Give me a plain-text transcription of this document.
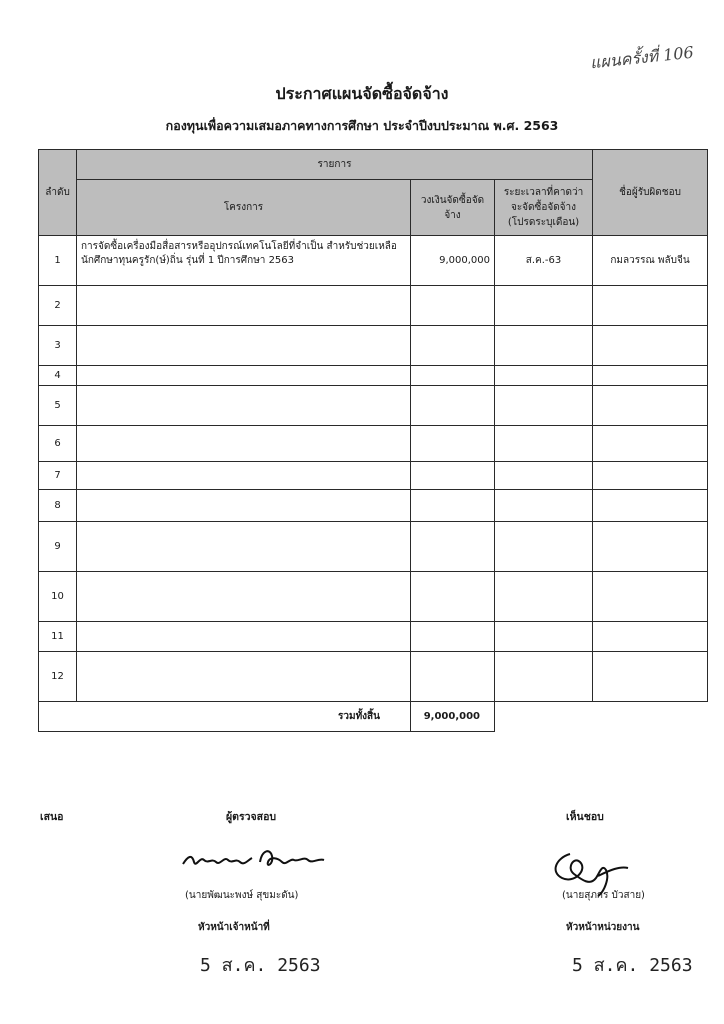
แผนครั้งที่ 106
ประกาศแผนจัดซื้อจัดจ้าง
กองทุนเพื่อความเสมอภาคทางการศึกษา ประจำปีงบประมาณ พ.ศ. 2563
ลำดับ	รายการ			ชื่อผู้รับผิดชอบ
	โครงการ	วงเงินจัดซื้อจัดจ้าง	ระยะเวลาที่คาดว่าจะจัดซื้อจัดจ้าง (โปรดระบุเดือน)	
1	การจัดซื้อเครื่องมือสื่อสารหรืออุปกรณ์เทคโนโลยีที่จำเป็น สำหรับช่วยเหลือนักศึกษาทุนครูรัก(ษ์)ถิ่น รุ่นที่ 1 ปีการศึกษา 2563	9,000,000	ส.ค.-63	กมลวรรณ พลับจีน
2				
3				
4				
5				
6				
7				
8				
9				
10				
11				
12				
รวมทั้งสิ้น		9,000,000		
เสนอ	ผู้ตรวจสอบ	เห็นชอบ
(นายพัฒนะพงษ์ สุขมะดัน)
หัวหน้าเจ้าหน้าที่
5 ส.ค. 2563
(นายสุภกร บัวสาย)
หัวหน้าหน่วยงาน
5 ส.ค. 2563
